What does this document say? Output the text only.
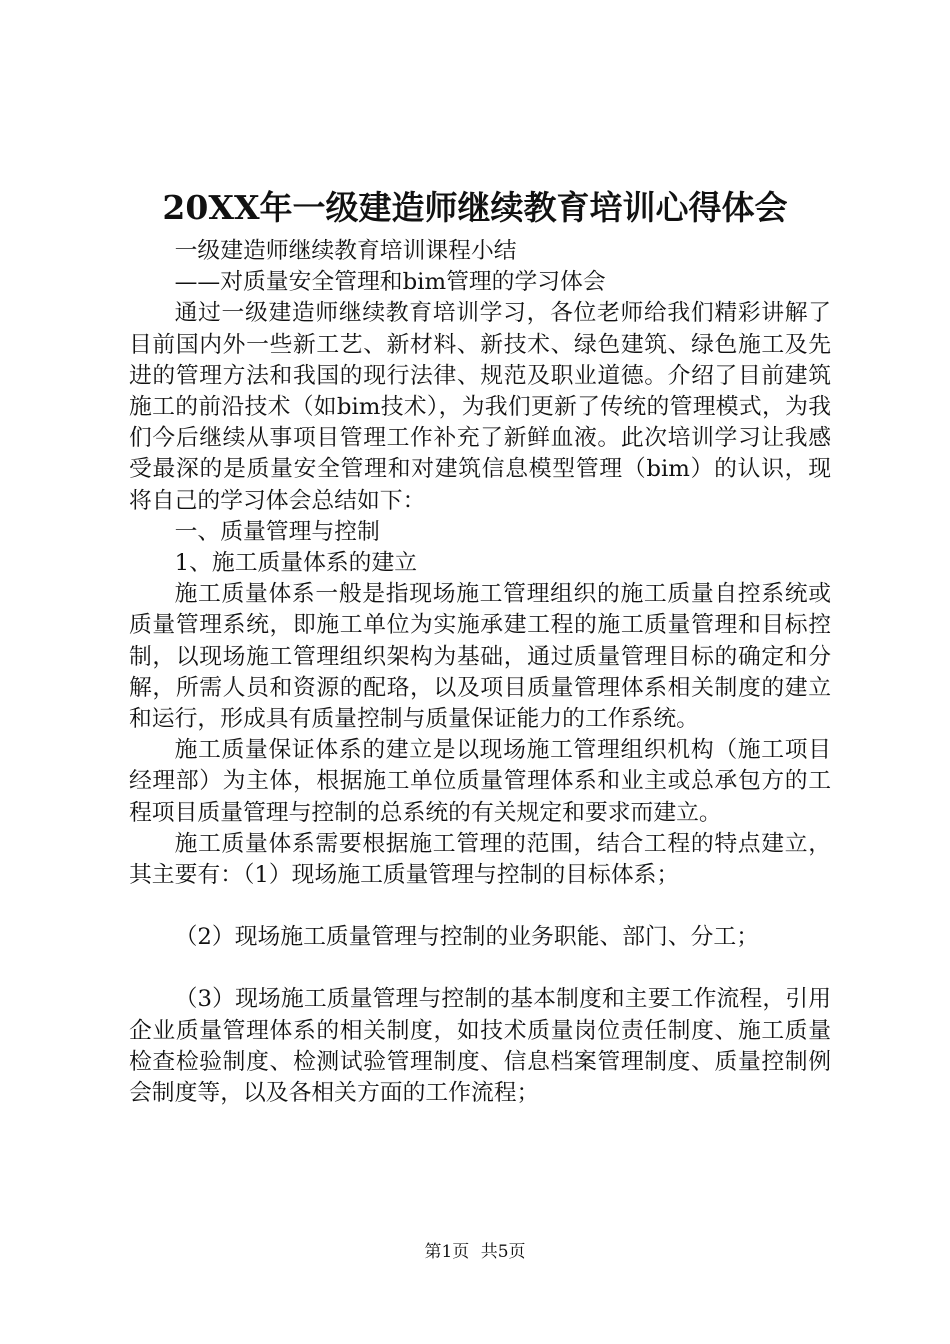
20XX年一级建造师继续教育培训心得体会

一级建造师继续教育培训课程小结

——对质量安全管理和bim管理的学习体会

通过一级建造师继续教育培训学习，各位老师给我们精彩讲解了目前国内外一些新工艺、新材料、新技术、绿色建筑、绿色施工及先进的管理方法和我国的现行法律、规范及职业道德。介绍了目前建筑施工的前沿技术（如bim技术），为我们更新了传统的管理模式，为我们今后继续从事项目管理工作补充了新鲜血液。此次培训学习让我感受最深的是质量安全管理和对建筑信息模型管理（bim）的认识，现将自己的学习体会总结如下：

一、质量管理与控制

1、施工质量体系的建立

施工质量体系一般是指现场施工管理组织的施工质量自控系统或质量管理系统，即施工单位为实施承建工程的施工质量管理和目标控制，以现场施工管理组织架构为基础，通过质量管理目标的确定和分解，所需人员和资源的配珞，以及项目质量管理体系相关制度的建立和运行，形成具有质量控制与质量保证能力的工作系统。

施工质量保证体系的建立是以现场施工管理组织机构（施工项目经理部）为主体，根据施工单位质量管理体系和业主或总承包方的工程项目质量管理与控制的总系统的有关规定和要求而建立。

施工质量体系需要根据施工管理的范围，结合工程的特点建立，其主要有：（1）现场施工质量管理与控制的目标体系；

（2）现场施工质量管理与控制的业务职能、部门、分工；

（3）现场施工质量管理与控制的基本制度和主要工作流程，引用企业质量管理体系的相关制度，如技术质量岗位责任制度、施工质量检查检验制度、检测试验管理制度、信息档案管理制度、质量控制例会制度等，以及各相关方面的工作流程；

第1页 共5页
